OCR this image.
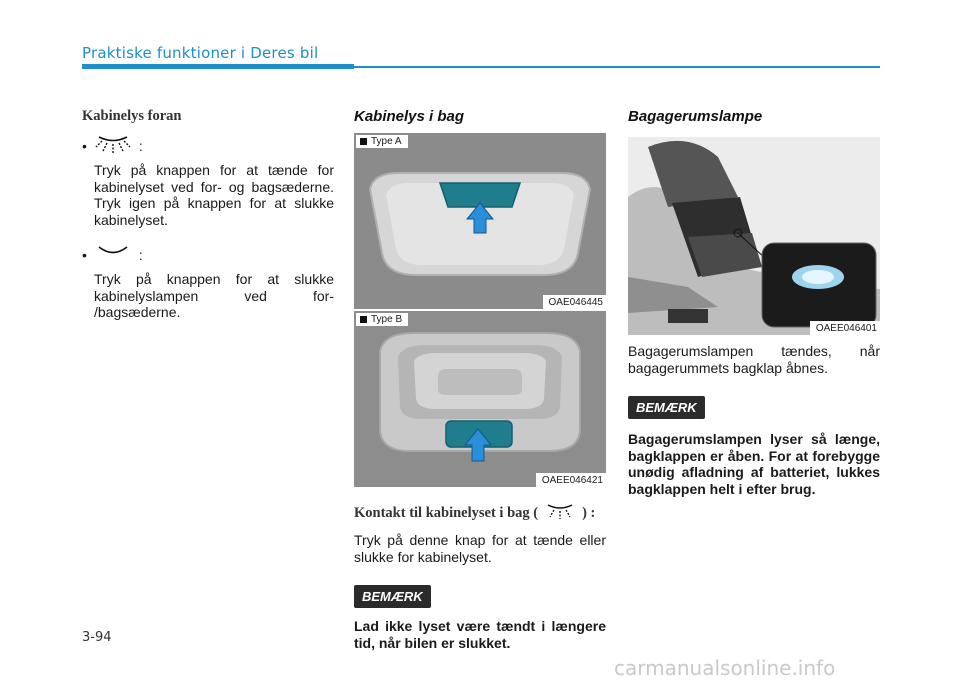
Praktiske funktioner i Deres bil
Kabinelys foran
•	:
Tryk på knappen for at tænde for kabinelyset ved for- og bagsæderne. Tryk igen på knappen for at slukke kabinelyset.
•	:
Tryk på knappen for at slukke kabinelyslampen ved for- /bagsæderne.
Kabinelys i bag
Type A
OAE046445
Type B
OAEE046421
Kontakt til kabinelyset i bag (	) :
Tryk på denne knap for at tænde eller slukke for kabinelyset.
BEMÆRK
Lad ikke lyset være tændt i længere tid, når bilen er slukket.
Bagagerumslampe
OAEE046401
Bagagerumslampen tændes, når bagagerummets bagklap åbnes.
BEMÆRK
Bagagerumslampen lyser så længe, bagklappen er åben. For at forebygge unødig afladning af batteriet, lukkes bagklappen helt i efter brug.
3-94
carmanualsonline.info
